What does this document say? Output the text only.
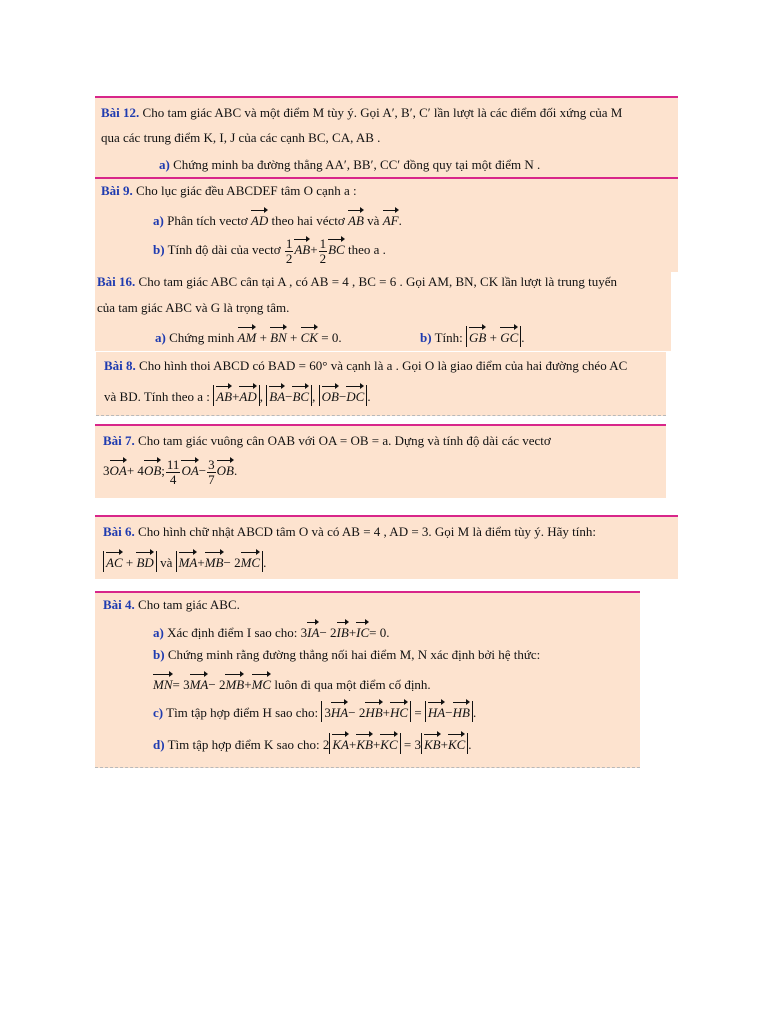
Bài 12. Cho tam giác ABC và một điểm M tùy ý. Gọi A′, B′, C′ lần lượt là các điểm đối xứng của M
qua các trung điểm K, I, J của các cạnh BC, CA, AB .
a) Chứng minh ba đường thẳng AA′, BB′, CC′ đồng quy tại một điểm N .
Bài 9. Cho lục giác đều ABCDEF tâm O cạnh a :
a) Phân tích vectơ AD theo hai véctơ AB và AF.
b) Tính độ dài của vectơ $\frac{1}{2} AB+ \frac{1}{2}$ BC theo a .
Bài 16. Cho tam giác ABC cân tại A , có AB = 4 , BC = 6 . Gọi AM, BN, CK lần lượt là trung tuyến
của tam giác ABC và G là trọng tâm.
a) Chứng minh AM + BN + CK = 0.	b) Tính: GB + GC .
Bài 8. Cho hình thoi ABCD có BAD = 60° và cạnh là a . Gọi O là giao điểm của hai đường chéo AC
và BD. Tính theo a : AB+AD , BA−BC , OB−DC .
Bài 7. Cho tam giác vuông cân OAB với OA = OB = a. Dựng và tính độ dài các vectơ
3OA+ 4OB; $\frac{11}{4} OA- \frac{3}{7}$ OB.
Bài 6. Cho hình chữ nhật ABCD tâm O và có AB = 4 , AD = 3. Gọi M là điểm tùy ý. Hãy tính:
AC + BD và MA+MB− 2MC .
Bài 4. Cho tam giác ABC.
a) Xác định điểm I sao cho: 3IA− 2IB+IC= 0.
b) Chứng minh rằng đường thẳng nối hai điểm M, N xác định bởi hệ thức:
MN= 3MA− 2MB+MC luôn đi qua một điểm cố định.
c) Tìm tập hợp điểm H sao cho: 3HA− 2HB+HC = HA−HB .
d) Tìm tập hợp điểm K sao cho: 2 KA+KB+KC = 3 KB+KC .
